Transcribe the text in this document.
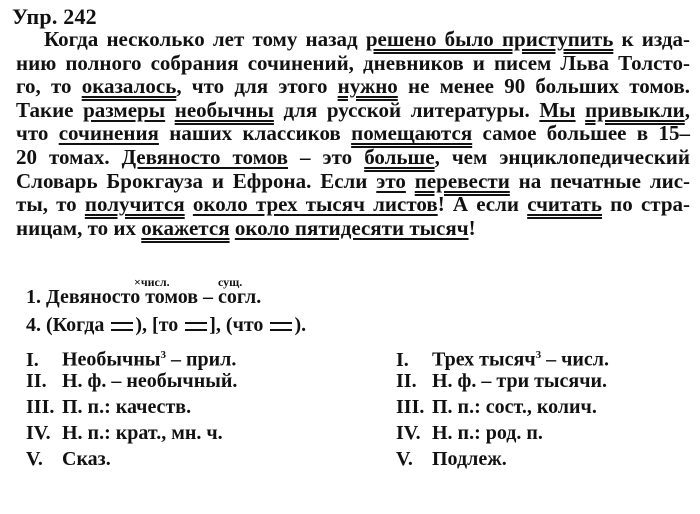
Упр. 242
Когда несколько лет тому назад решено было приступить к изда-
нию полного собрания сочинений, дневников и писем Льва Толсто-
го, то оказалось, что для этого нужно не менее 90 больших томов.
Такие размеры необычны для русской литературы. Мы привыкли,
что сочинения наших классиков помещаются самое большее в 15–
20 томах. Девяносто томов – это больше, чем энциклопедический
Словарь Брокгауза и Ефрона. Если это перевести на печатные лис-
ты, то получится около трех тысяч листов! А если считать по стра-
ницам, то их окажется около пятидесяти тысяч!
×числ.	сущ.
1. Девяносто томов – согл.
4. (Когда ), [то ], (что ).
I. Необычны$^3$ – прил.
II. Н. ф. – необычный.
III. П. п.: качеств.
IV. Н. п.: крат., мн. ч.
V. Сказ.
I. Трех тысяч$^3$ – числ.
II. Н. ф. – три тысячи.
III. П. п.: сост., колич.
IV. Н. п.: род. п.
V. Подлеж.
